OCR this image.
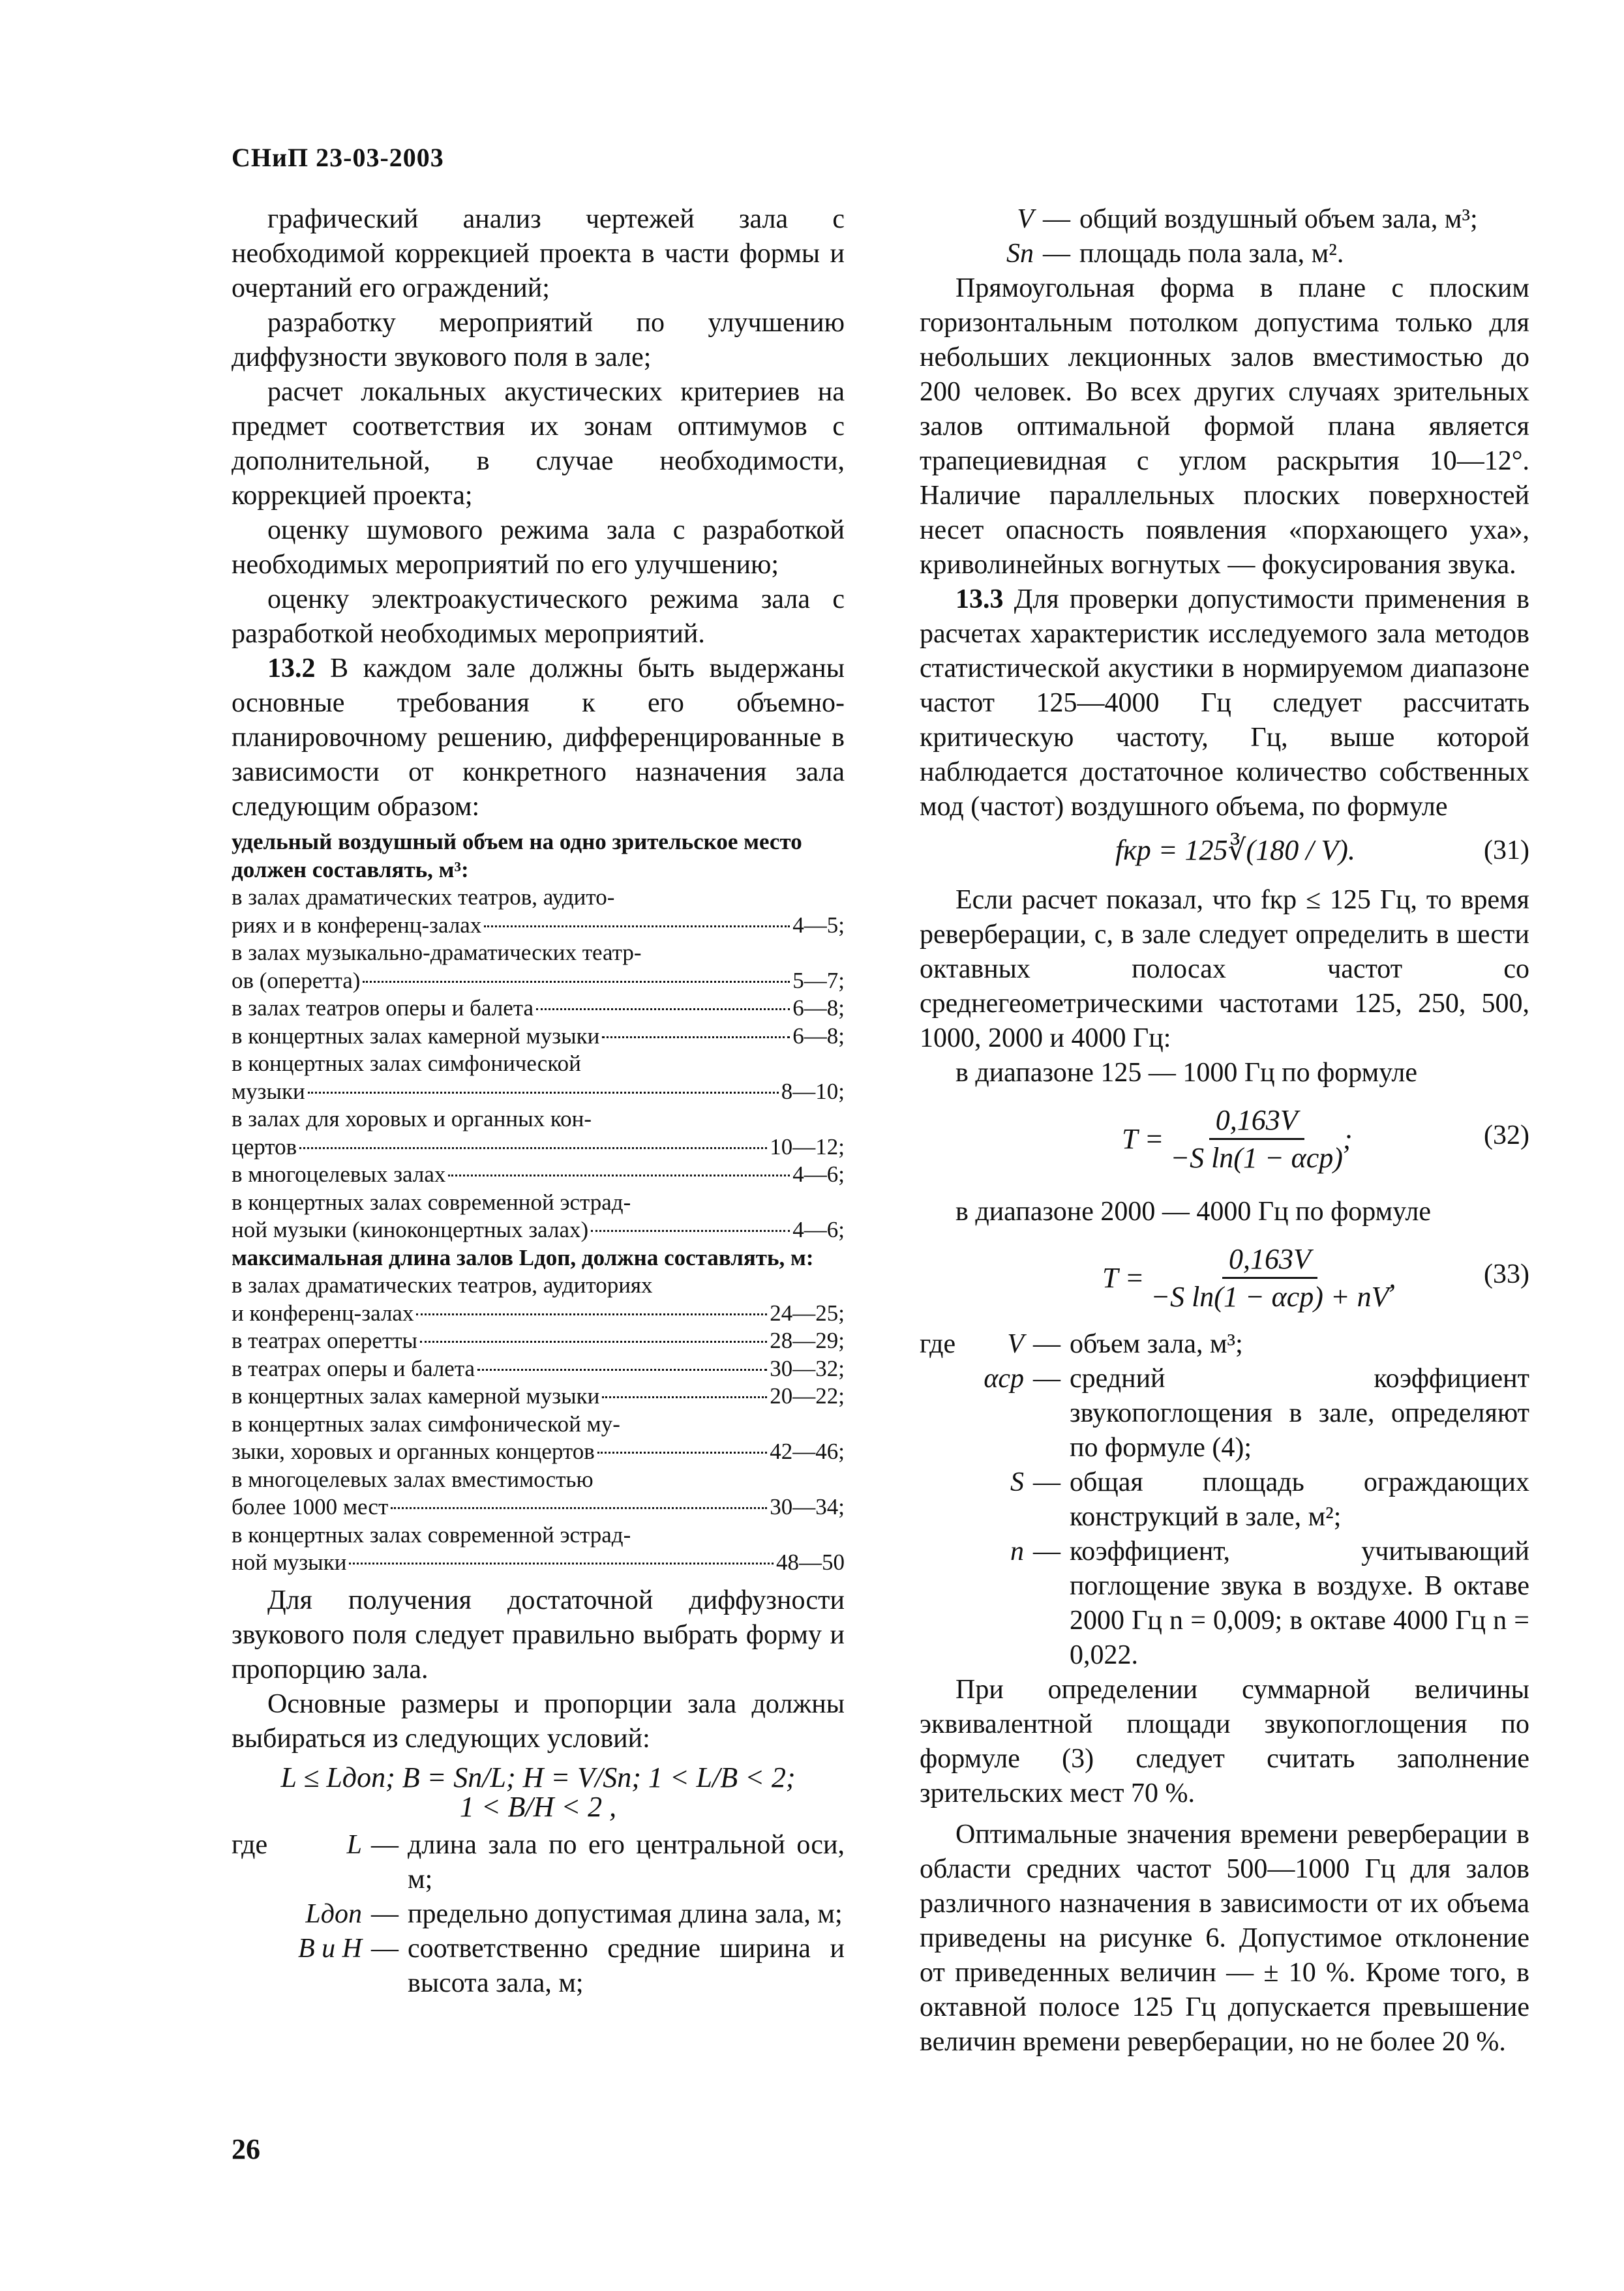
СНиП 23-03-2003

графический анализ чертежей зала с необходимой коррекцией проекта в части формы и очертаний его ограждений;

разработку мероприятий по улучшению диффузности звукового поля в зале;

расчет локальных акустических критериев на предмет соответствия их зонам оптимумов с дополнительной, в случае необходимости, коррекцией проекта;

оценку шумового режима зала с разработкой необходимых мероприятий по его улучшению;

оценку электроакустического режима зала с разработкой необходимых мероприятий.

13.2 В каждом зале должны быть выдержаны основные требования к его объемно-планировочному решению, дифференцированные в зависимости от конкретного назначения зала следующим образом:

удельный воздушный объем на одно зрительское место должен составлять, м³:
в залах драматических театров, аудито-
риях и в конференц-залах	4—5;
в залах музыкально-драматических театр-
ов (оперетта)	5—7;
в залах театров оперы и балета	6—8;
в концертных залах камерной музыки	6—8;
в концертных залах симфонической
музыки	8—10;
в залах для хоровых и органных кон-
цертов	10—12;
в многоцелевых залах	4—6;
в концертных залах современной эстрад-
ной музыки (киноконцертных залах)	4—6;
максимальная длина залов Lдоп, должна составлять, м:
в залах драматических театров, аудиториях
и конференц-залах	24—25;
в театрах оперетты	28—29;
в театрах оперы и балета	30—32;
в концертных залах камерной музыки	20—22;
в концертных залах симфонической му-
зыки, хоровых и органных концертов	42—46;
в многоцелевых залах вместимостью
более 1000 мест	30—34;
в концертных залах современной эстрад-
ной музыки	48—50

Для получения достаточной диффузности звукового поля следует правильно выбрать форму и пропорцию зала.

Основные размеры и пропорции зала должны выбираться из следующих условий:

L ≤ Lдоп; B = Sп/L; H = V/Sп; 1 < L/B < 2;

1 < B/H < 2 ,

где	L — длина зала по его центральной оси, м;
Lдоп — предельно допустимая длина зала, м;
B и H — соответственно средние ширина и высота зала, м;
V — общий воздушный объем зала, м³;
Sп — площадь пола зала, м².

Прямоугольная форма в плане с плоским горизонтальным потолком допустима только для небольших лекционных залов вместимостью до 200 человек. Во всех других случаях зрительных залов оптимальной формой плана является трапециевидная с углом раскрытия 10—12°. Наличие параллельных плоских поверхностей несет опасность появления «порхающего уха», криволинейных вогнутых — фокусирования звука.

13.3 Для проверки допустимости применения в расчетах характеристик исследуемого зала методов статистической акустики в нормируемом диапазоне частот 125—4000 Гц следует рассчитать критическую частоту, Гц, выше которой наблюдается достаточное количество собственных мод (частот) воздушного объема, по формуле

fкр = 125∛(180 / V).	(31)

Если расчет показал, что fкр ≤ 125 Гц, то время реверберации, с, в зале следует определить в шести октавных полосах частот со среднегеометрическими частотами 125, 250, 500, 1000, 2000 и 4000 Гц:

в диапазоне 125 — 1000 Гц по формуле

$T = \frac{0,163V}{\text{−S ln(1 − αср)}}$ ;	(32)

в диапазоне 2000 — 4000 Гц по формуле

$T = \frac{0,163V}{\text{−S ln(1 − αср) + nV}}$ ,	(33)
где	V — объем зала, м³;
αср — средний коэффициент звукопоглощения в зале, определяют по формуле (4);
S — общая площадь ограждающих конструкций в зале, м²;
n — коэффициент, учитывающий поглощение звука в воздухе. В октаве 2000 Гц n = 0,009; в октаве 4000 Гц n = 0,022.

При определении суммарной величины эквивалентной площади звукопоглощения по формуле (3) следует считать заполнение зрительских мест 70 %.

Оптимальные значения времени реверберации в области средних частот 500—1000 Гц для залов различного назначения в зависимости от их объема приведены на рисунке 6. Допустимое отклонение от приведенных величин — ± 10 %. Кроме того, в октавной полосе 125 Гц допускается превышение величин времени реверберации, но не более 20 %.

26
